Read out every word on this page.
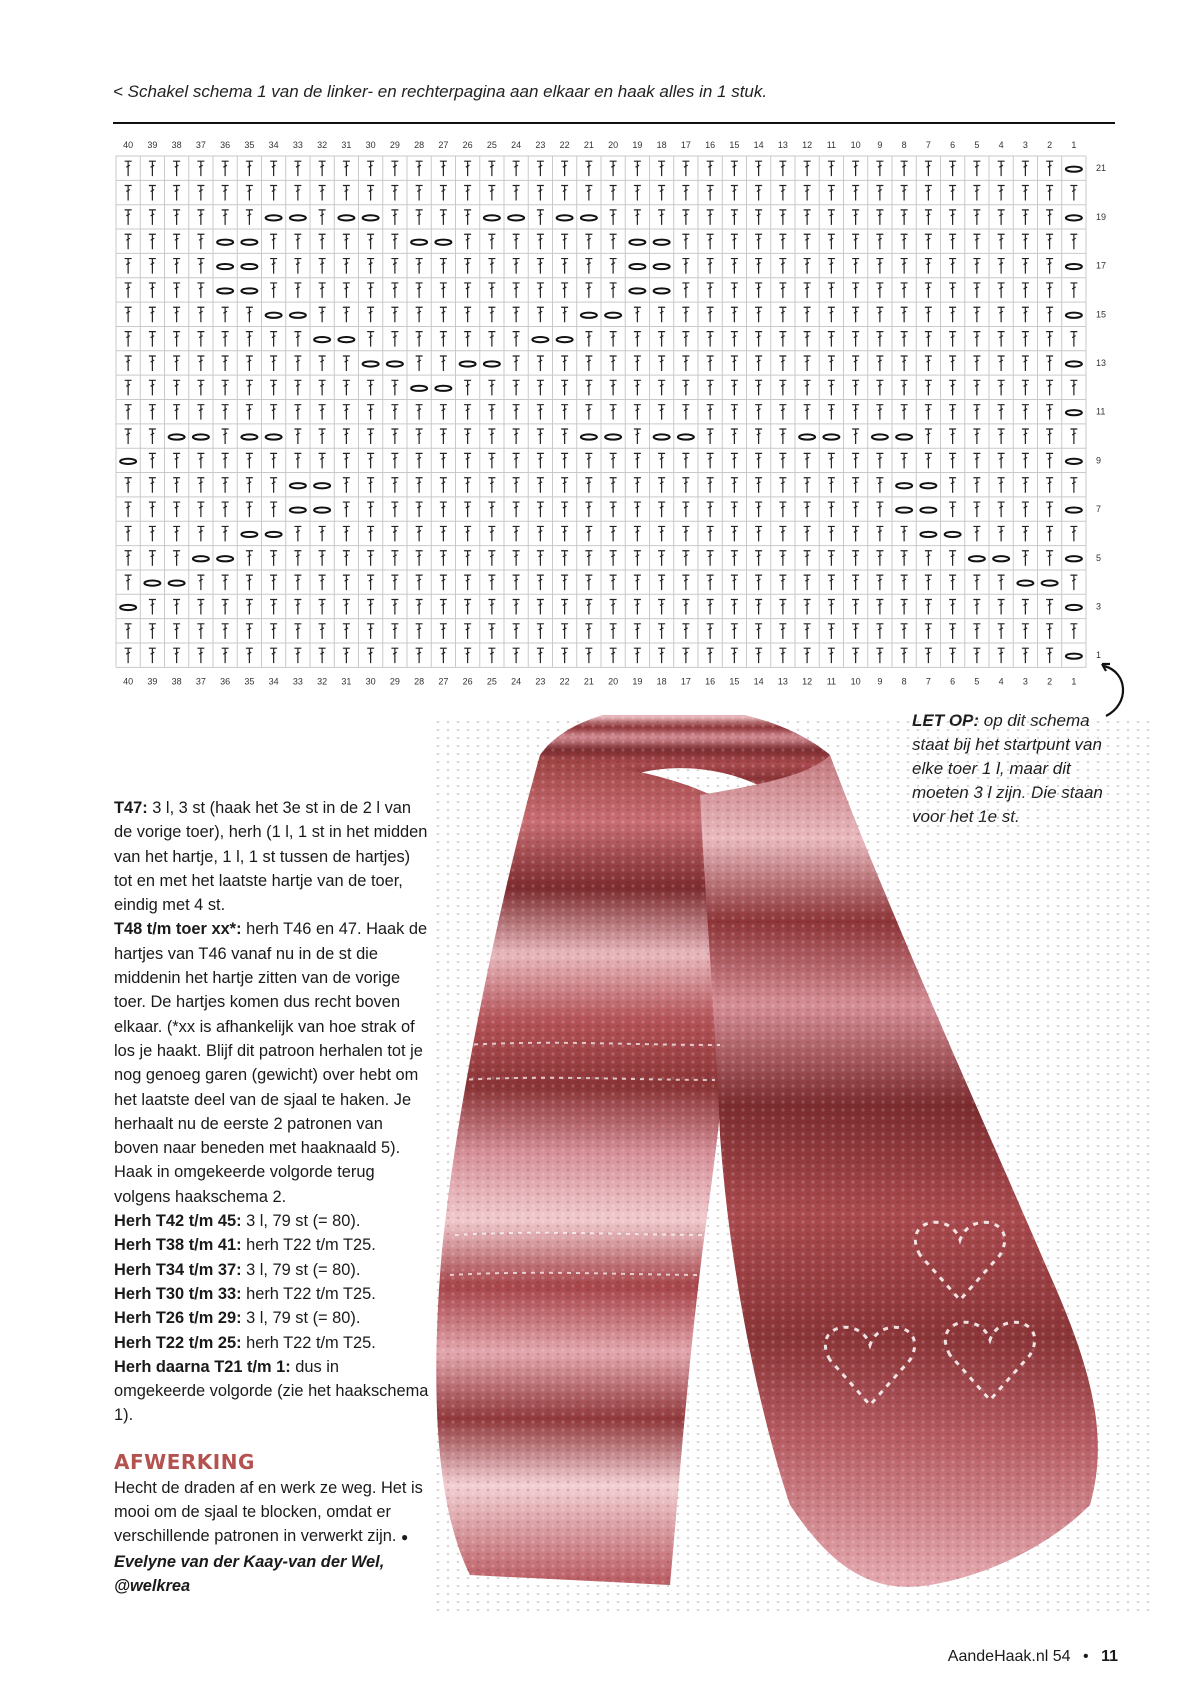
< Schakel schema 1 van de linker- en rechterpagina aan elkaar en haak alles in 1 stuk.
40
40
39
39
38
38
37
37
36
36
35
35
34
34
33
33
32
32
31
31
30
30
29
29
28
28
27
27
26
26
25
25
24
24
23
23
22
22
21
21
20
20
19
19
18
18
17
17
16
16
15
15
14
14
13
13
12
12
11
11
10
10
9
9
8
8
7
7
6
6
5
5
4
4
3
3
2
2
1
1
21
19
17
15
13
11
9
7
5
3
1

T47: 3 l, 3 st (haak het 3e st in de 2 l van de vorige toer), herh (1 l, 1 st in het midden van het hartje, 1 l, 1 st tussen de hartjes) tot en met het laatste hartje van de toer, eindig met 4 st.

T48 t/m toer xx*: herh T46 en 47. Haak de hartjes van T46 vanaf nu in de st die middenin het hartje zitten van de vorige toer. De hartjes komen dus recht boven elkaar. (*xx is afhankelijk van hoe strak of los je haakt. Blijf dit patroon herhalen tot je nog genoeg garen (gewicht) over hebt om het laatste deel van de sjaal te haken. Je herhaalt nu de eerste 2 patronen van boven naar beneden met haaknaald 5). Haak in omgekeerde volgorde terug volgens haakschema 2.

Herh T42 t/m 45: 3 l, 79 st (= 80).

Herh T38 t/m 41: herh T22 t/m T25.

Herh T34 t/m 37: 3 l, 79 st (= 80).

Herh T30 t/m 33: herh T22 t/m T25.

Herh T26 t/m 29: 3 l, 79 st (= 80).

Herh T22 t/m 25: herh T22 t/m T25.

Herh daarna T21 t/m 1: dus in omgekeerde volgorde (zie het haakschema 1).

AFWERKING

Hecht de draden af en werk ze weg. Het is mooi om de sjaal te blocken, omdat er verschillende patronen in verwerkt zijn. ●

Evelyne van der Kaay-van der Wel,

@welkrea

AandeHaak.nl 54 • 11
